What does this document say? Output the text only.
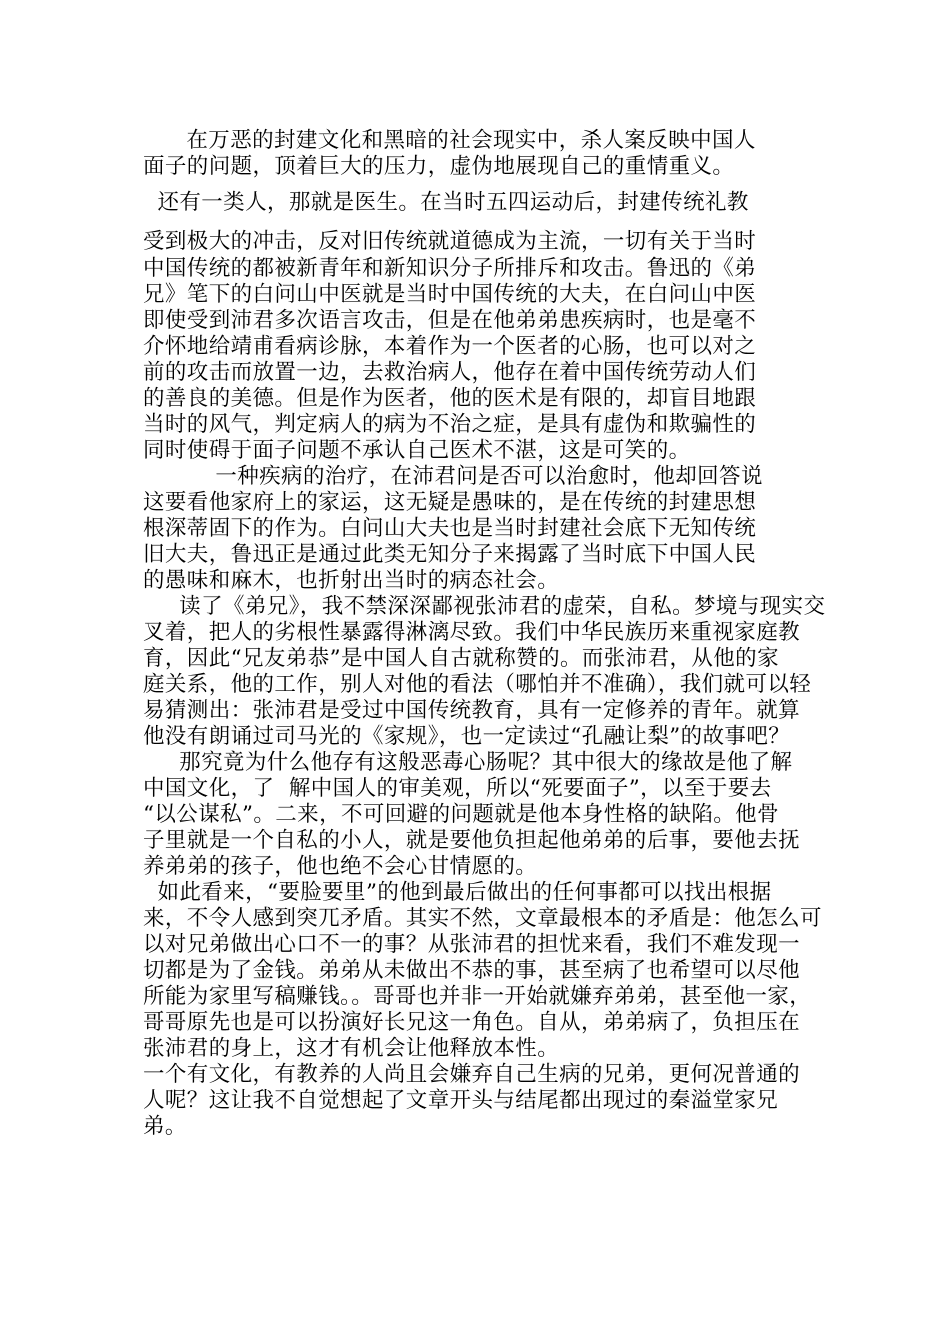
在万恶的封建文化和黑暗的社会现实中，杀人案反映中国人

面子的问题，顶着巨大的压力，虚伪地展现自己的重情重义。

还有一类人，那就是医生。在当时五四运动后，封建传统礼教

受到极大的冲击，反对旧传统就道德成为主流，一切有关于当时

中国传统的都被新青年和新知识分子所排斥和攻击。鲁迅的《弟

兄》笔下的白问山中医就是当时中国传统的大夫，在白问山中医

即使受到沛君多次语言攻击，但是在他弟弟患疾病时，也是毫不

介怀地给靖甫看病诊脉，本着作为一个医者的心肠，也可以对之

前的攻击而放置一边，去救治病人，他存在着中国传统劳动人们

的善良的美德。但是作为医者，他的医术是有限的，却盲目地跟

当时的风气，判定病人的病为不治之症，是具有虚伪和欺骗性的

同时使碍于面子问题不承认自己医术不湛，这是可笑的。

一种疾病的治疗，在沛君问是否可以治愈时，他却回答说

这要看他家府上的家运，这无疑是愚味的，是在传统的封建思想

根深蒂固下的作为。白问山大夫也是当时封建社会底下无知传统

旧大夫，鲁迅正是通过此类无知分子来揭露了当时底下中国人民

的愚味和麻木，也折射出当时的病态社会。

读了《弟兄》，我不禁深深鄙视张沛君的虚荣，自私。梦境与现实交

叉着，把人的劣根性暴露得淋漓尽致。我们中华民族历来重视家庭教

育，因此“兄友弟恭”是中国人自古就称赞的。而张沛君，从他的家

庭关系，他的工作，别人对他的看法（哪怕并不准确），我们就可以轻

易猜测出：张沛君是受过中国传统教育，具有一定修养的青年。就算

他没有朗诵过司马光的《家规》，也一定读过“孔融让梨”的故事吧？

那究竟为什么他存有这般恶毒心肠呢？其中很大的缘故是他了解

中国文化，了  解中国人的审美观，所以“死要面子”，以至于要去

“以公谋私”。二来，不可回避的问题就是他本身性格的缺陷。他骨

子里就是一个自私的小人，就是要他负担起他弟弟的后事，要他去抚

养弟弟的孩子，他也绝不会心甘情愿的。

如此看来，“要脸要里”的他到最后做出的任何事都可以找出根据

来，不令人感到突兀矛盾。其实不然，文章最根本的矛盾是：他怎么可

以对兄弟做出心口不一的事？从张沛君的担忧来看，我们不难发现一

切都是为了金钱。弟弟从未做出不恭的事，甚至病了也希望可以尽他

所能为家里写稿赚钱。。哥哥也并非一开始就嫌弃弟弟，甚至他一家，

哥哥原先也是可以扮演好长兄这一角色。自从，弟弟病了，负担压在

张沛君的身上，这才有机会让他释放本性。

一个有文化，有教养的人尚且会嫌弃自己生病的兄弟，更何况普通的

人呢？这让我不自觉想起了文章开头与结尾都出现过的秦溢堂家兄

弟。
